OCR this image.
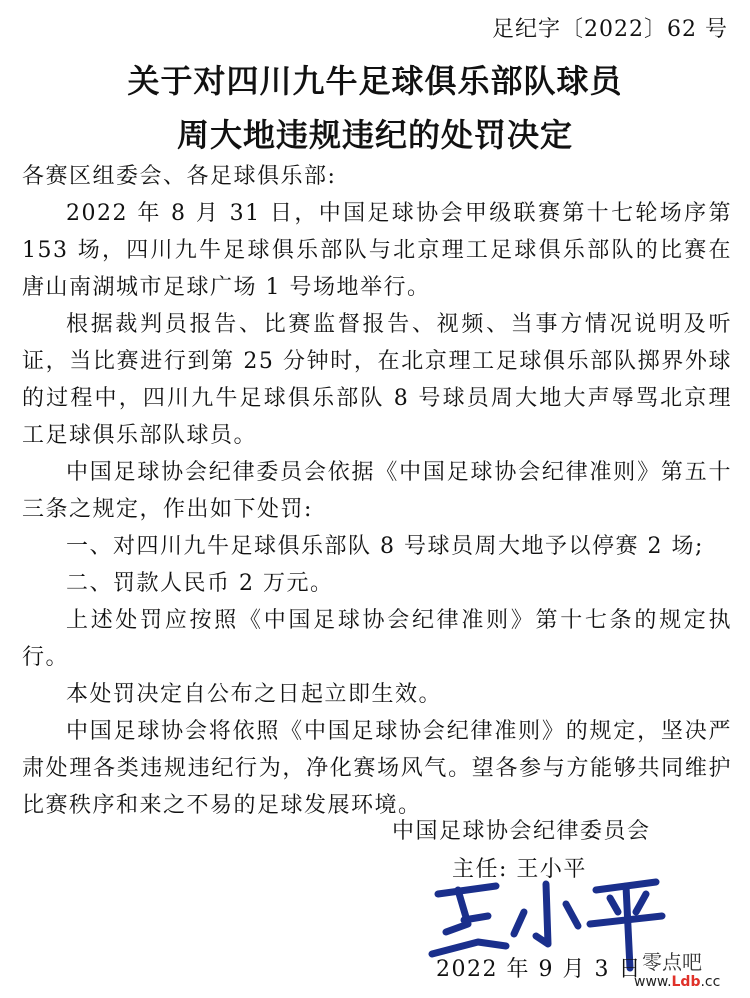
足纪字〔2022〕62 号
关于对四川九牛足球俱乐部队球员
周大地违规违纪的处罚决定

各赛区组委会、各足球俱乐部:

2022 年 8 月 31 日，中国足球协会甲级联赛第十七轮场序第 153 场，四川九牛足球俱乐部队与北京理工足球俱乐部队的比赛在唐山南湖城市足球广场 1 号场地举行。

根据裁判员报告、比赛监督报告、视频、当事方情况说明及听证，当比赛进行到第 25 分钟时，在北京理工足球俱乐部队掷界外球的过程中，四川九牛足球俱乐部队 8 号球员周大地大声辱骂北京理工足球俱乐部队球员。

中国足球协会纪律委员会依据《中国足球协会纪律准则》第五十三条之规定，作出如下处罚:

一、对四川九牛足球俱乐部队 8 号球员周大地予以停赛 2 场;

二、罚款人民币 2 万元。

上述处罚应按照《中国足球协会纪律准则》第十七条的规定执行。

本处罚决定自公布之日起立即生效。

中国足球协会将依照《中国足球协会纪律准则》的规定，坚决严肃处理各类违规违纪行为，净化赛场风气。望各参与方能够共同维护比赛秩序和来之不易的足球发展环境。

中国足球协会纪律委员会
主任: 王小平
2022 年 9 月 3 日 零点吧
www.Ldb.cc
